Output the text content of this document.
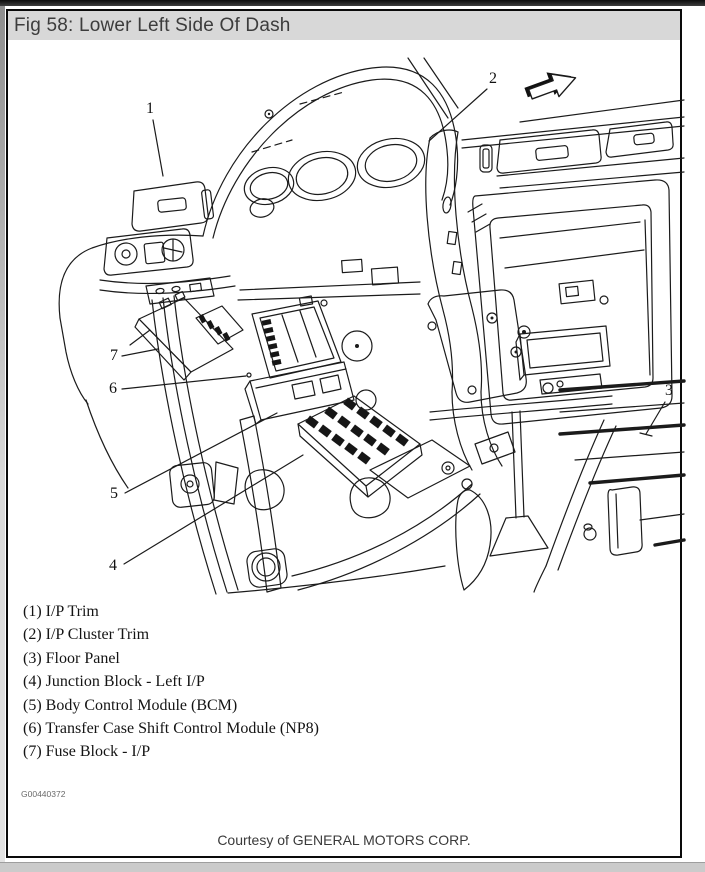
Fig 58: Lower Left Side Of Dash
1
2
3
4
5
6
7
(1) I/P Trim
(2) I/P Cluster Trim
(3) Floor Panel
(4) Junction Block - Left I/P
(5) Body Control Module (BCM)
(6) Transfer Case Shift Control Module (NP8)
(7) Fuse Block - I/P
G00440372
Courtesy of GENERAL MOTORS CORP.
